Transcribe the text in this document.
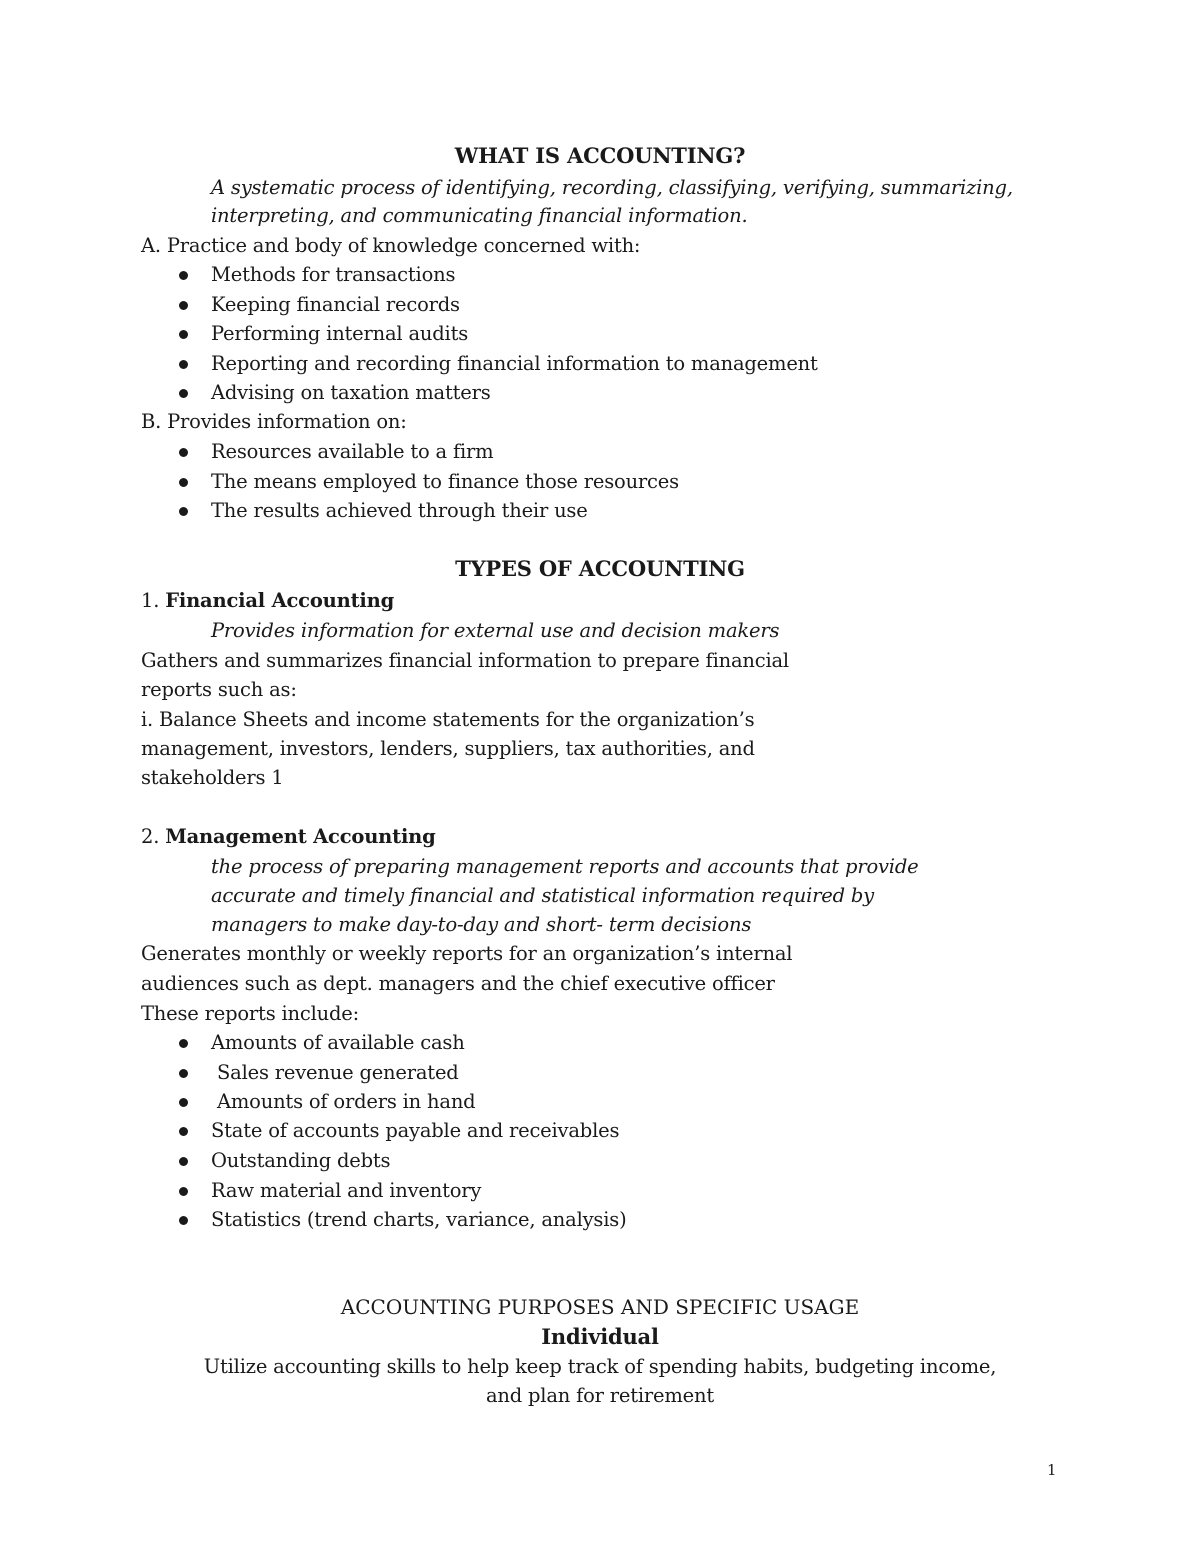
WHAT IS ACCOUNTING?
A systematic process of identifying, recording, classifying, verifying, summarizing,
interpreting, and communicating financial information.
A. Practice and body of knowledge concerned with:
Methods for transactions
Keeping financial records
Performing internal audits
Reporting and recording financial information to management
Advising on taxation matters
B. Provides information on:
Resources available to a firm
The means employed to finance those resources
The results achieved through their use
TYPES OF ACCOUNTING
1. Financial Accounting
Provides information for external use and decision makers
Gathers and summarizes financial information to prepare financial
reports such as:
i. Balance Sheets and income statements for the organization’s
management, investors, lenders, suppliers, tax authorities, and
stakeholders 1
2. Management Accounting
the process of preparing management reports and accounts that provide
accurate and timely financial and statistical information required by
managers to make day-to-day and short- term decisions
Generates monthly or weekly reports for an organization’s internal
audiences such as dept. managers and the chief executive officer
These reports include:
Amounts of available cash
Sales revenue generated
Amounts of orders in hand
State of accounts payable and receivables
Outstanding debts
Raw material and inventory
Statistics (trend charts, variance, analysis)
ACCOUNTING PURPOSES AND SPECIFIC USAGE
Individual
Utilize accounting skills to help keep track of spending habits, budgeting income,
and plan for retirement
1
